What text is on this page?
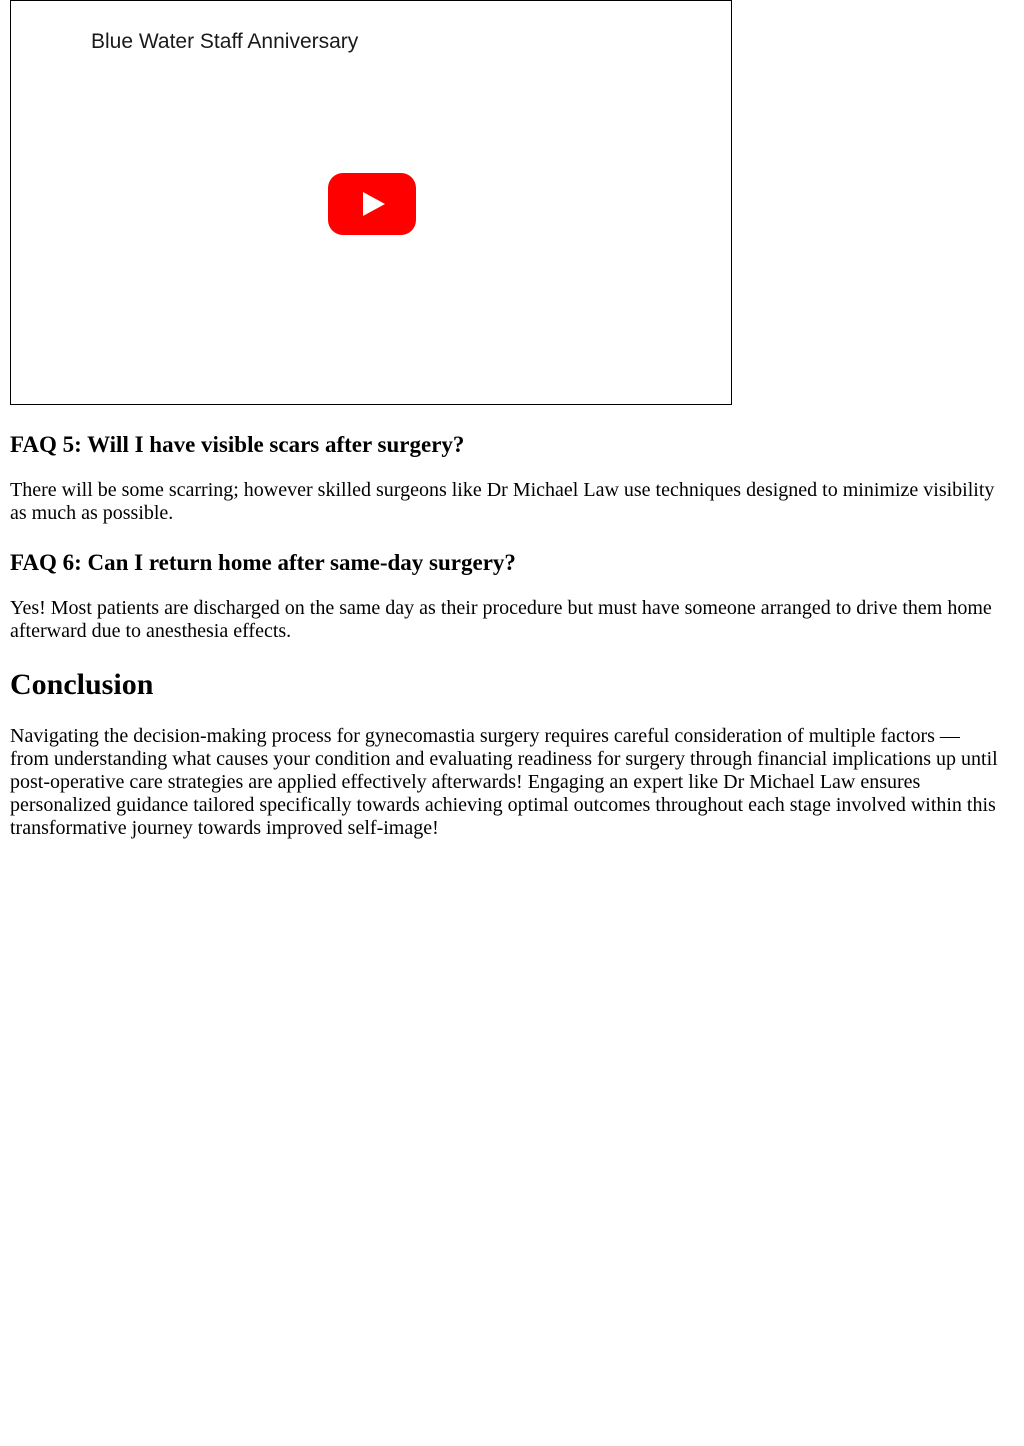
Blue Water Staff Anniversary
FAQ 5: Will I have visible scars after surgery?

There will be some scarring; however skilled surgeons like Dr Michael Law use techniques designed to minimize visibility as much as possible.

FAQ 6: Can I return home after same-day surgery?

Yes! Most patients are discharged on the same day as their procedure but must have someone arranged to drive them home afterward due to anesthesia effects.

Conclusion

Navigating the decision-making process for gynecomastia surgery requires careful consideration of multiple factors — from understanding what causes your condition and evaluating readiness for surgery through financial implications up until post-operative care strategies are applied effectively afterwards! Engaging an expert like Dr Michael Law ensures personalized guidance tailored specifically towards achieving optimal outcomes throughout each stage involved within this transformative journey towards improved self-image!
